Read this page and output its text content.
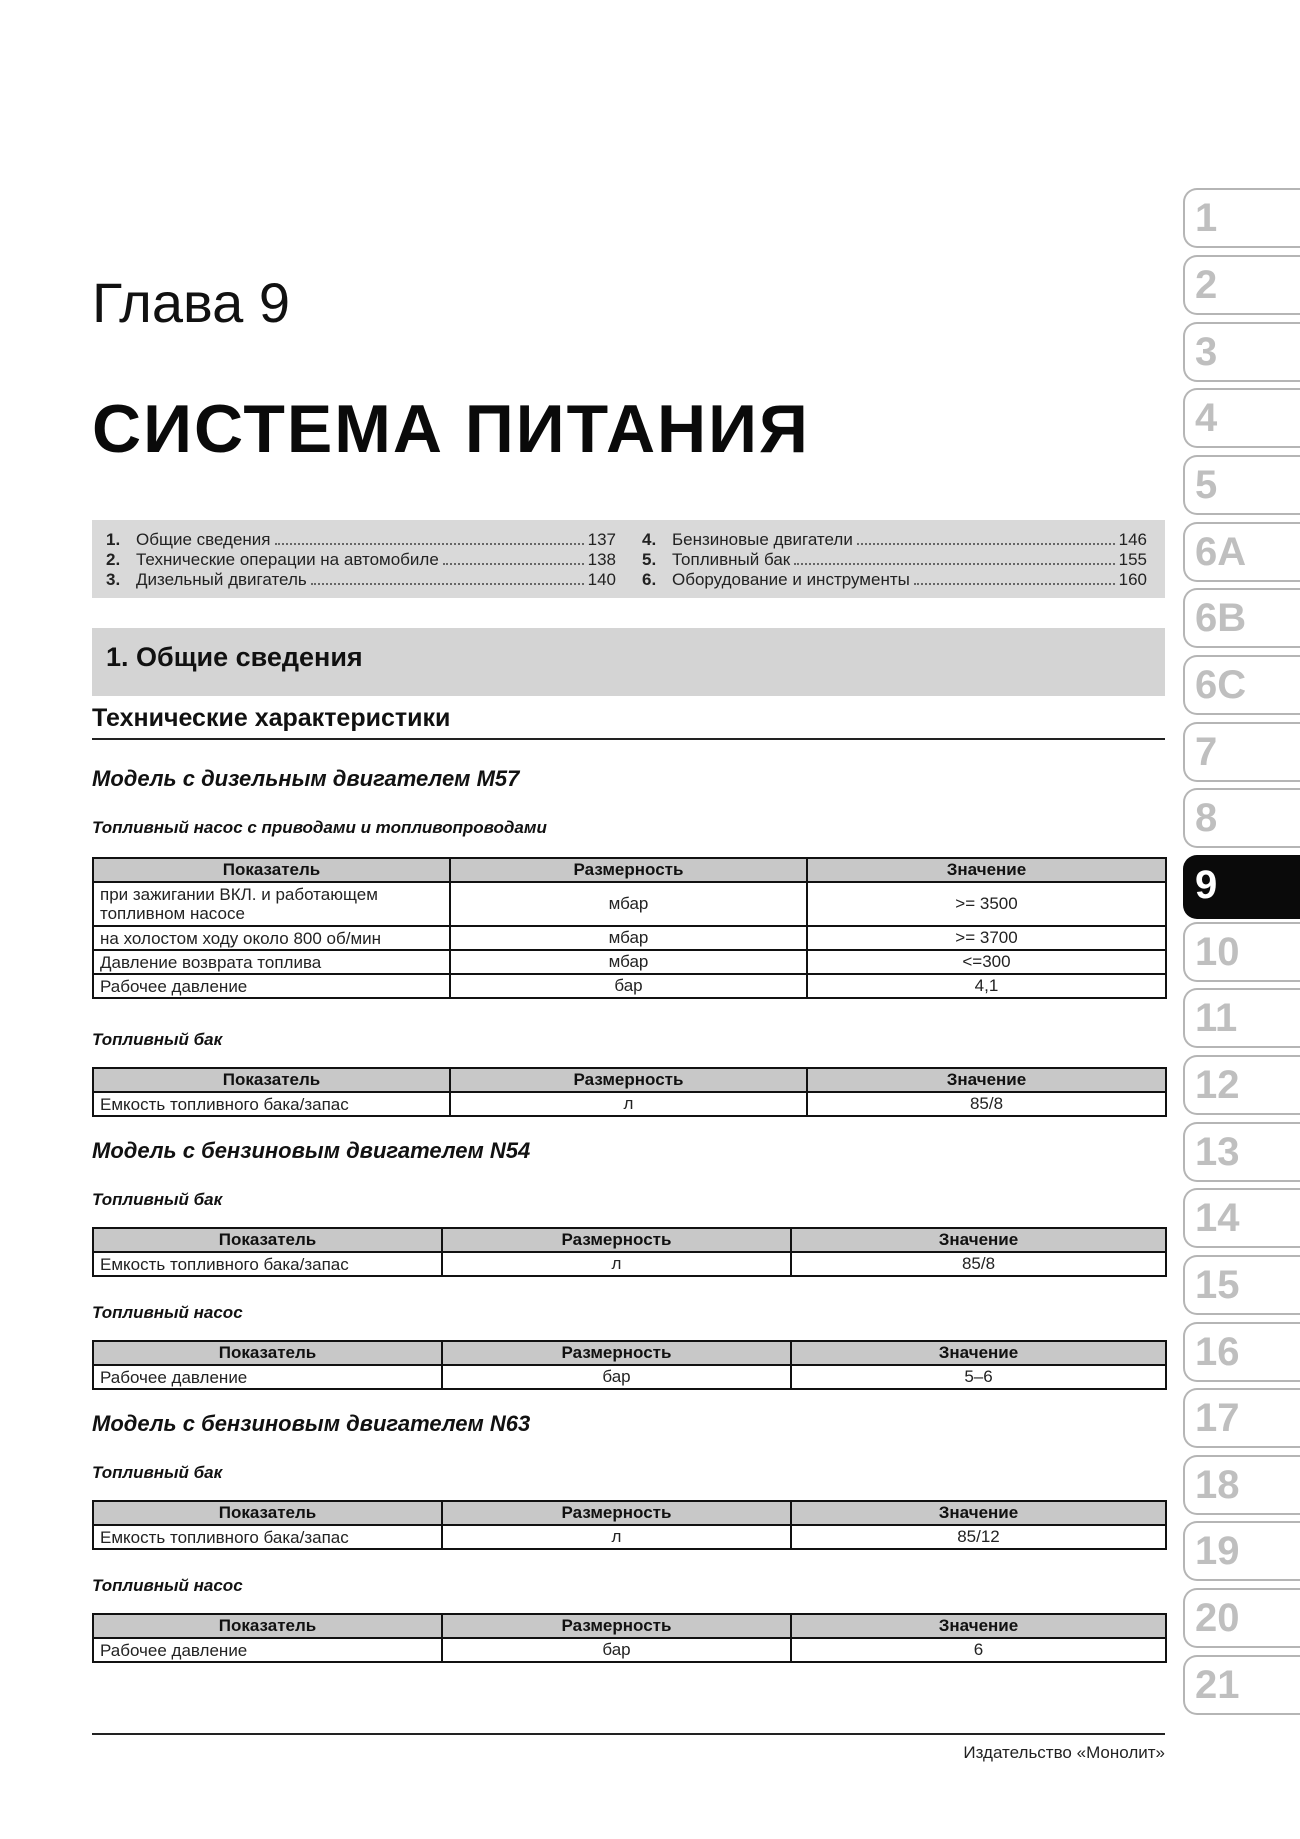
Глава 9
СИСТЕМА ПИТАНИЯ
1. Общие сведения	137
2. Технические операции на автомобиле	138
3. Дизельный двигатель	140
4. Бензиновые двигатели	146
5. Топливный бак	155
6. Оборудование и инструменты	160
1. Общие сведения
Технические характеристики
Модель с дизельным двигателем M57
Топливный насос с приводами и топливопроводами
Показатель	Размерность	Значение
при зажигании ВКЛ. и работающем топливном насосе	мбар	>= 3500
на холостом ходу около 800 об/мин	мбар	>= 3700
Давление возврата топлива	мбар	<=300
Рабочее давление	бар	4,1
Топливный бак
Показатель	Размерность	Значение
Емкость топливного бака/запас	л	85/8
Модель с бензиновым двигателем N54
Топливный бак
Показатель	Размерность	Значение
Емкость топливного бака/запас	л	85/8
Топливный насос
Показатель	Размерность	Значение
Рабочее давление	бар	5–6
Модель с бензиновым двигателем N63
Топливный бак
Показатель	Размерность	Значение
Емкость топливного бака/запас	л	85/12
Топливный насос
Показатель	Размерность	Значение
Рабочее давление	бар	6
Издательство «Монолит»
1
2
3
4
5
6A
6B
6C
7
8
9
10
11
12
13
14
15
16
17
18
19
20
21
